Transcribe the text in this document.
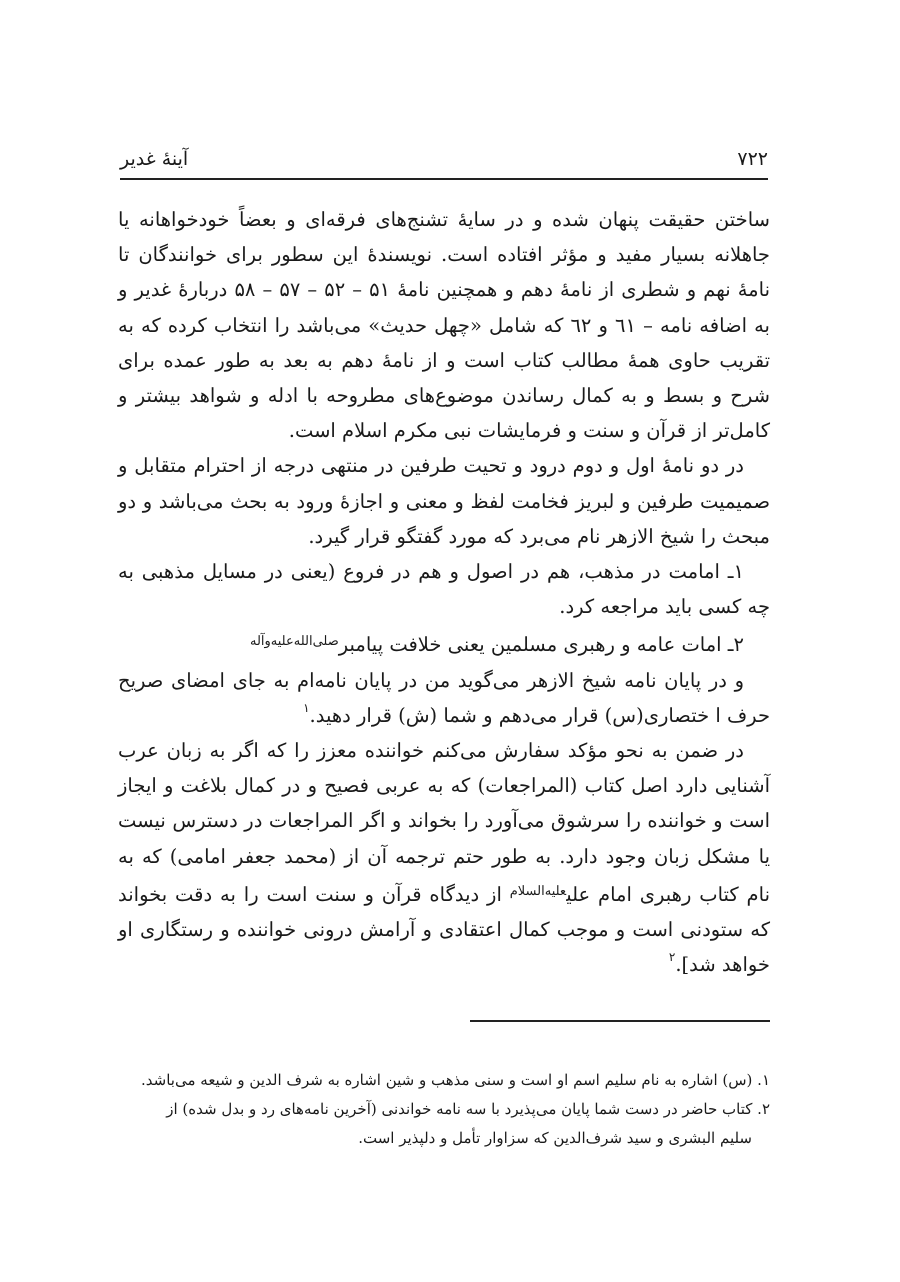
۷۲۲
آینهٔ غدیر

ساختن حقیقت پنهان شده و در سایهٔ تشنج‌های فرقه‌ای و بعضاً خودخواهانه یا جاهلانه بسیار مفید و مؤثر افتاده است. نویسندهٔ این سطور برای خوانندگان تا نامهٔ نهم و شطری از نامهٔ دهم و همچنین نامهٔ ۵۱ – ۵۲ – ۵۷ – ۵۸ دربارهٔ غدیر و به اضافه نامه – ٦١ و ٦٢ که شامل «چهل حدیث» می‌باشد را انتخاب کرده که به تقریب حاوی همهٔ مطالب کتاب است و از نامهٔ دهم به بعد به طور عمده برای شرح و بسط و به کمال رساندن موضوع‌های مطروحه با ادله و شواهد بیشتر و کامل‌تر از قرآن و سنت و فرمایشات نبی مکرم اسلام است.

در دو نامهٔ اول و دوم درود و تحیت طرفین در منتهی درجه از احترام متقابل و صمیمیت طرفین و لبریز فخامت لفظ و معنی و اجازهٔ ورود به بحث می‌باشد و دو مبحث را شیخ الازهر نام می‌برد که مورد گفتگو قرار گیرد.

۱ـ امامت در مذهب، هم در اصول و هم در فروع (یعنی در مسایل مذهبی به چه کسی باید مراجعه کرد.

۲ـ امات عامه و رهبری مسلمین یعنی خلافت پیامبر$^{صلی‌الله‌علیه‌وآله}$

و در پایان نامه شیخ الازهر می‌گوید من در پایان نامه‌ام به جای امضای صریح حرف ا ختصاری(س) قرار می‌دهم و شما (ش) قرار دهید.$^۱$

در ضمن به نحو مؤکد سفارش می‌کنم خواننده معزز را که اگر به زبان عرب آشنایی دارد اصل کتاب (المراجعات) که به عربی فصیح و در کمال بلاغت و ایجاز است و خواننده را سرشوق می‌آورد را بخواند و اگر المراجعات در دسترس نیست یا مشکل زبان وجود دارد. به طور حتم ترجمه آن از (محمد جعفر امامی) که به نام کتاب رهبری امام علی$^{علیه‌السلام}$ از دیدگاه قرآن و سنت است را به دقت بخواند که ستودنی است و موجب کمال اعتقادی و آرامش درونی خواننده و رستگاری او خواهد شد].$^۲$

۱. (س) اشاره به نام سلیم اسم او است و سنی مذهب و شین اشاره به شرف الدین و شیعه می‌باشد.

۲. کتاب حاضر در دست شما پایان می‌پذیرد با سه نامه خواندنی (آخرین نامه‌های رد و بدل شده) از

سلیم البشری و سید شرف‌الدین که سزاوار تأمل و دلپذیر است.
